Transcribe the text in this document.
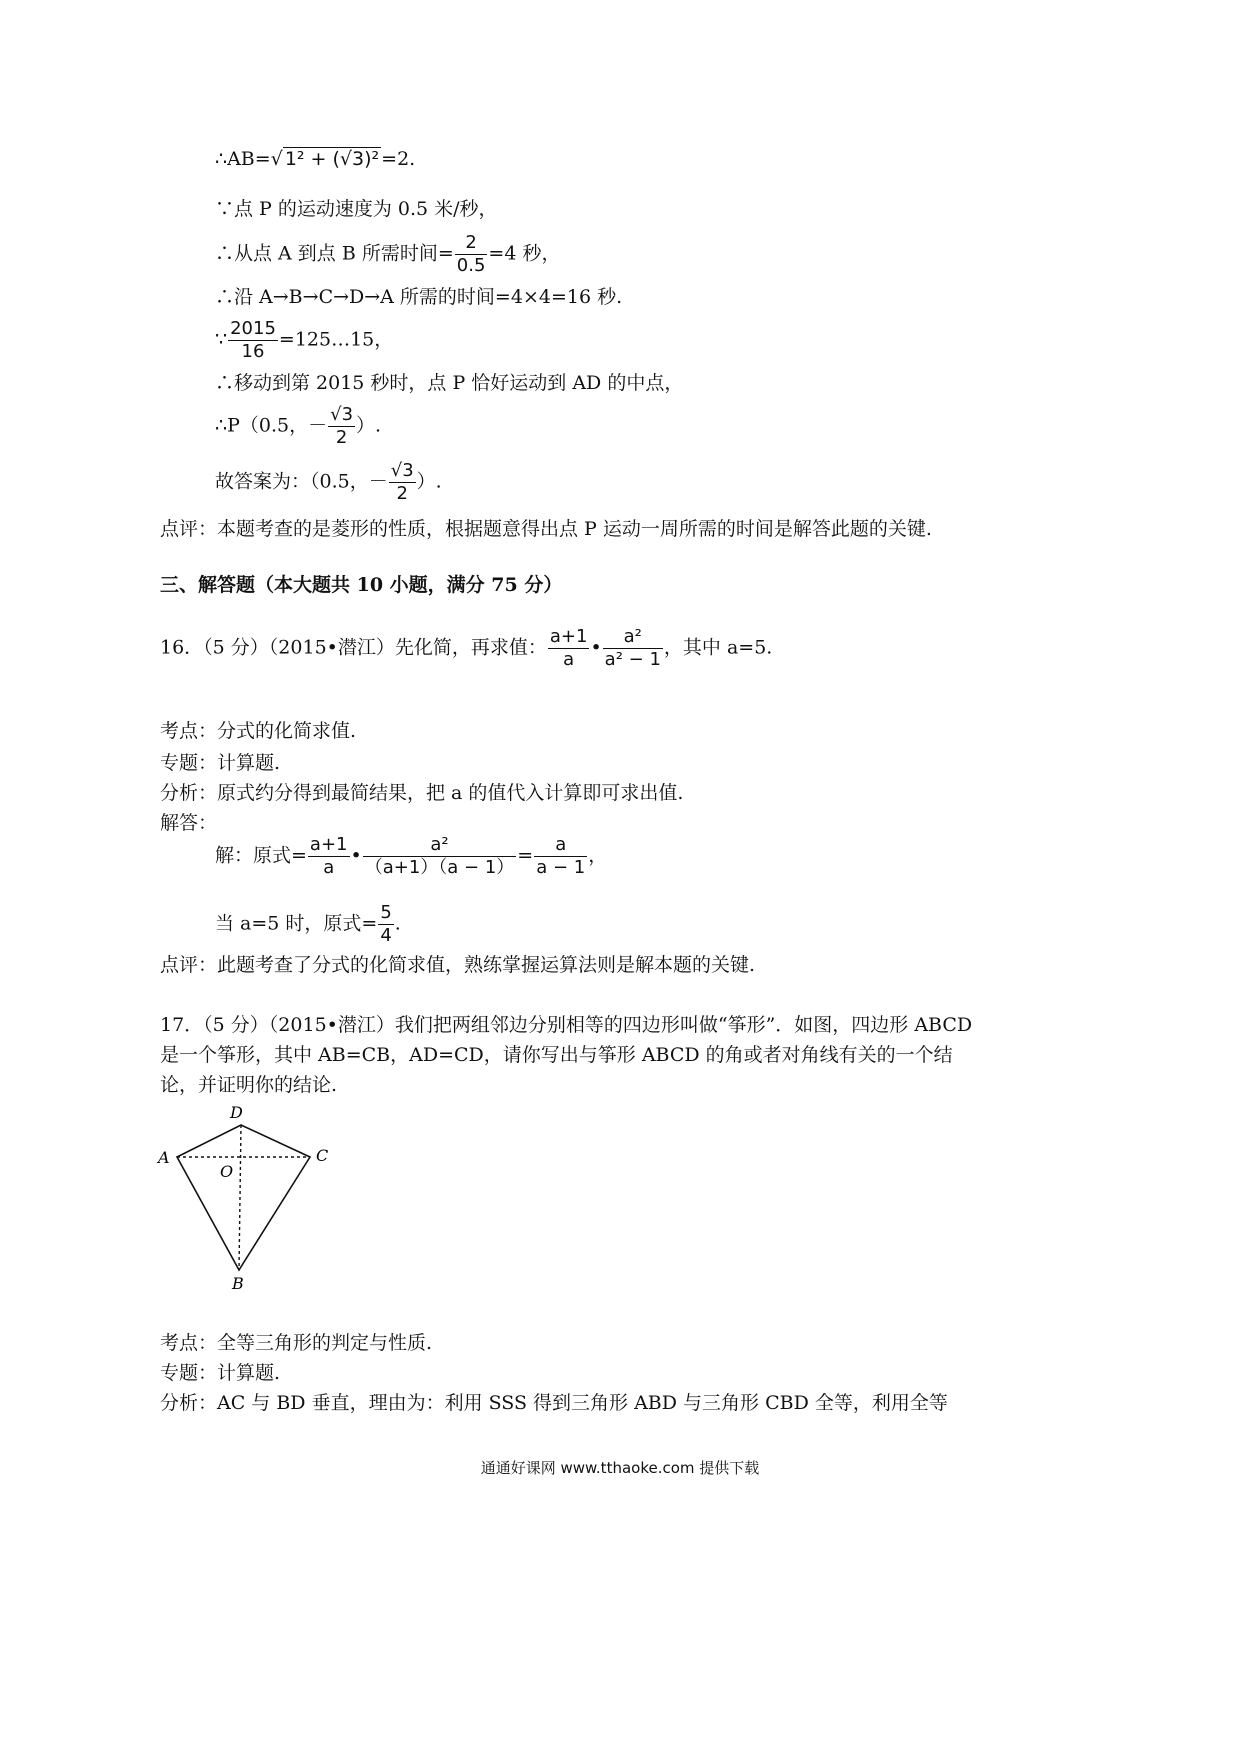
∴AB=√ 1² + (√3)² =2.
∵点 P 的运动速度为 0.5 米/秒，
∴从点 A 到点 B 所需时间= $\frac{2}{0.5} =4$ 秒，
∴沿 A→B→C→D→A 所需的时间=4×4=16 秒.
∵ $\frac{2015}{16}$ =125…15，
∴移动到第 2015 秒时，点 P 恰好运动到 AD 的中点，
∴P（0.5，－ $\frac{√3}{2}$ ）.
故答案为：（0.5，－ $\frac{√3}{2}$ ）.
点评：本题考查的是菱形的性质，根据题意得出点 P 运动一周所需的时间是解答此题的关键.
三、解答题（本大题共 10 小题，满分 75 分）
16．（5 分）（2015•潜江）先化简，再求值： $\frac{a+1}{a}$ • $\frac{\text{a²}}{\text{a² − 1}}$ ，其中 a=5.
考点：分式的化简求值.
专题：计算题.
分析：原式约分得到最简结果，把 a 的值代入计算即可求出值.
解答：
解：原式= $\frac{a+1}{a}$ • $\frac{\text{a²}}{(a+1)(a - 1)} = \frac{a}{a - 1}$ ，
当 a=5 时，原式= $\frac{5}{4}$ .
点评：此题考查了分式的化简求值，熟练掌握运算法则是解本题的关键.
17．（5 分）（2015•潜江）我们把两组邻边分别相等的四边形叫做“筝形”．如图，四边形 ABCD
是一个筝形，其中 AB=CB，AD=CD，请你写出与筝形 ABCD 的角或者对角线有关的一个结
论，并证明你的结论.
D
A	C
O
B
考点：全等三角形的判定与性质.
专题：计算题.
分析：AC 与 BD 垂直，理由为：利用 SSS 得到三角形 ABD 与三角形 CBD 全等，利用全等
通通好课网 www.tthaoke.com 提供下载
